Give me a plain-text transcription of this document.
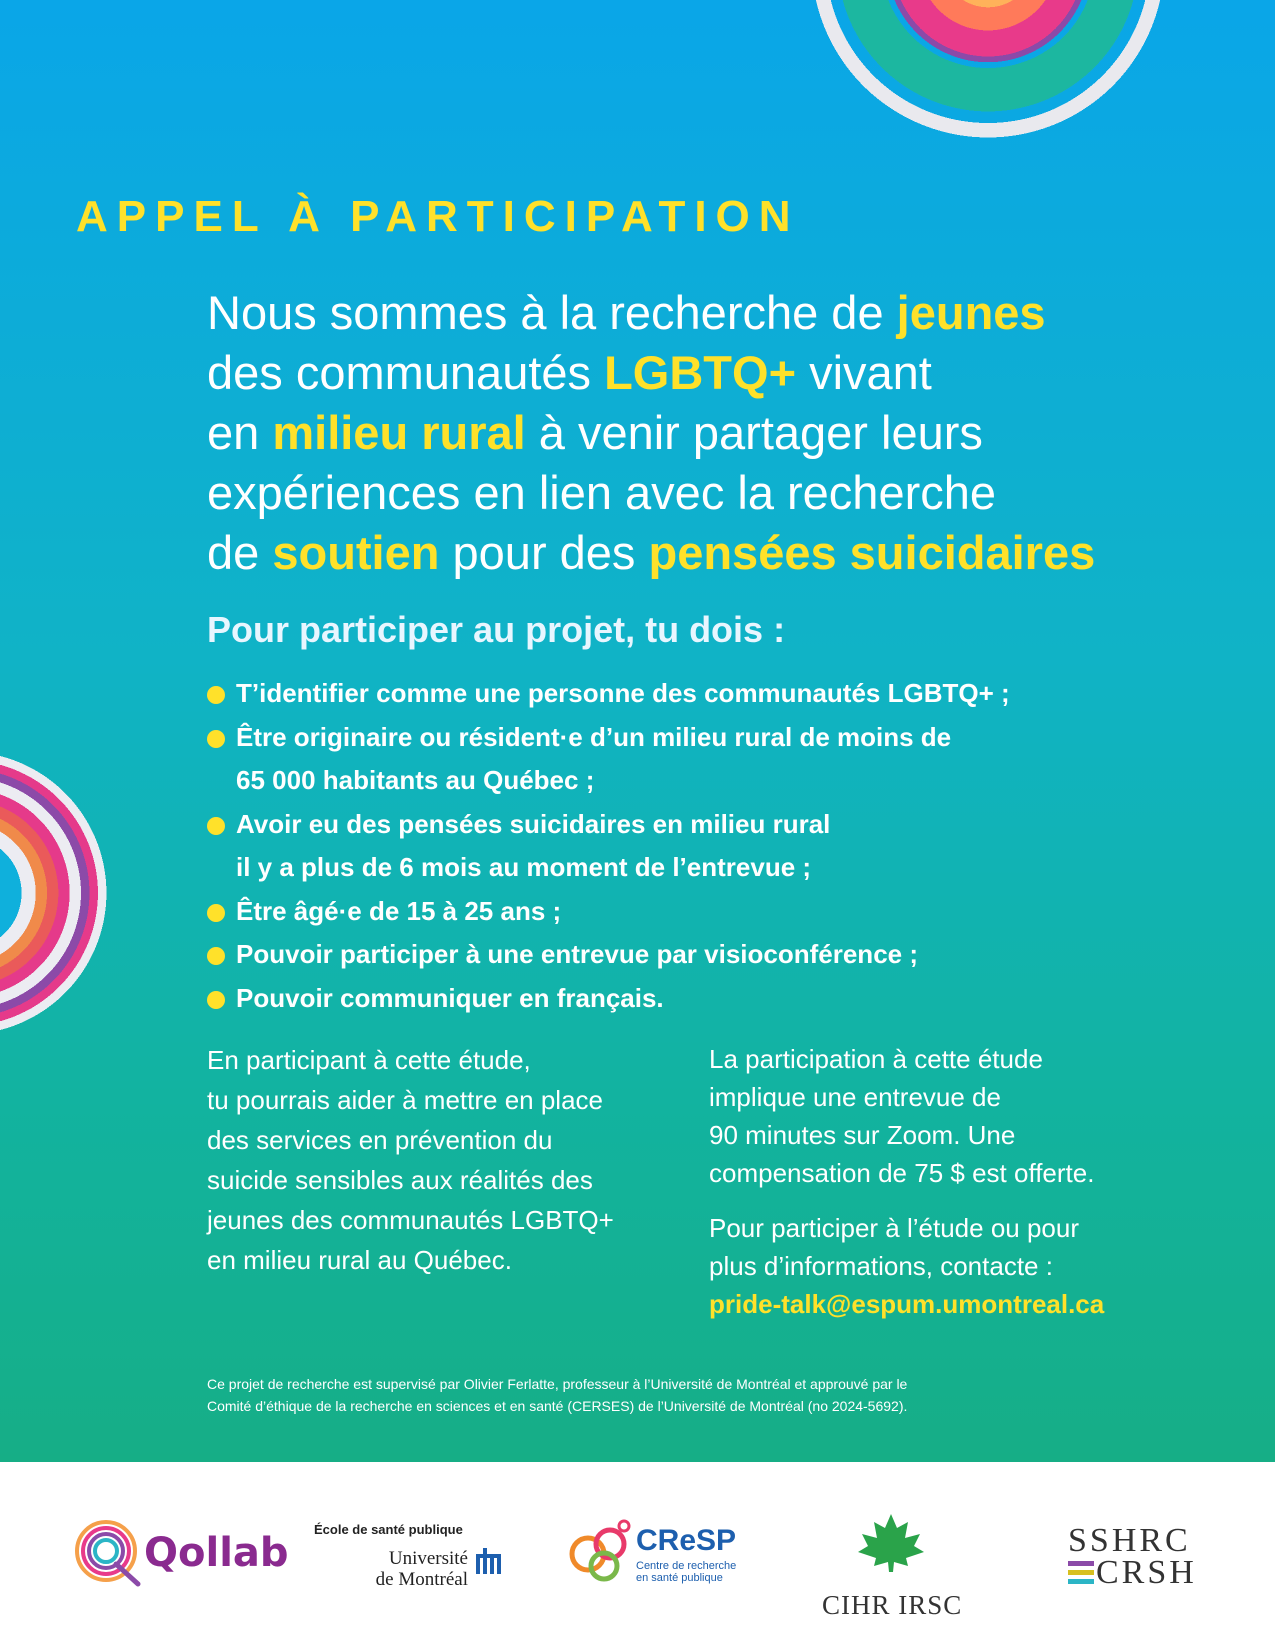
APPEL À PARTICIPATION

Nous sommes à la recherche de jeunes
des communautés LGBTQ+ vivant
en milieu rural à venir partager leurs
expériences en lien avec la recherche
de soutien pour des pensées suicidaires

Pour participer au projet, tu dois :
T’identifier comme une personne des communautés LGBTQ+ ;
Être originaire ou résident·e d’un milieu rural de moins de
65 000 habitants au Québec ;
Avoir eu des pensées suicidaires en milieu rural
il y a plus de 6 mois au moment de l’entrevue ;
Être âgé·e de 15 à 25 ans ;
Pouvoir participer à une entrevue par visioconférence ;
Pouvoir communiquer en français.

En participant à cette étude,
tu pourrais aider à mettre en place
des services en prévention du
suicide sensibles aux réalités des
jeunes des communautés LGBTQ+
en milieu rural au Québec.

La participation à cette étude
implique une entrevue de
90 minutes sur Zoom. Une
compensation de 75 $ est offerte.

Pour participer à l’étude ou pour
plus d’informations, contacte :
pride-talk@espum.umontreal.ca

Ce projet de recherche est supervisé par Olivier Ferlatte, professeur à l’Université de Montréal et approuvé par le
Comité d’éthique de la recherche en sciences et en santé (CERSES) de l’Université de Montréal (no 2024-5692).

Qollab
École de santé publique
Université
de Montréal
CReSP
Centre de recherche
en santé publique
CIHR IRSC
SSHRC
CRSH
